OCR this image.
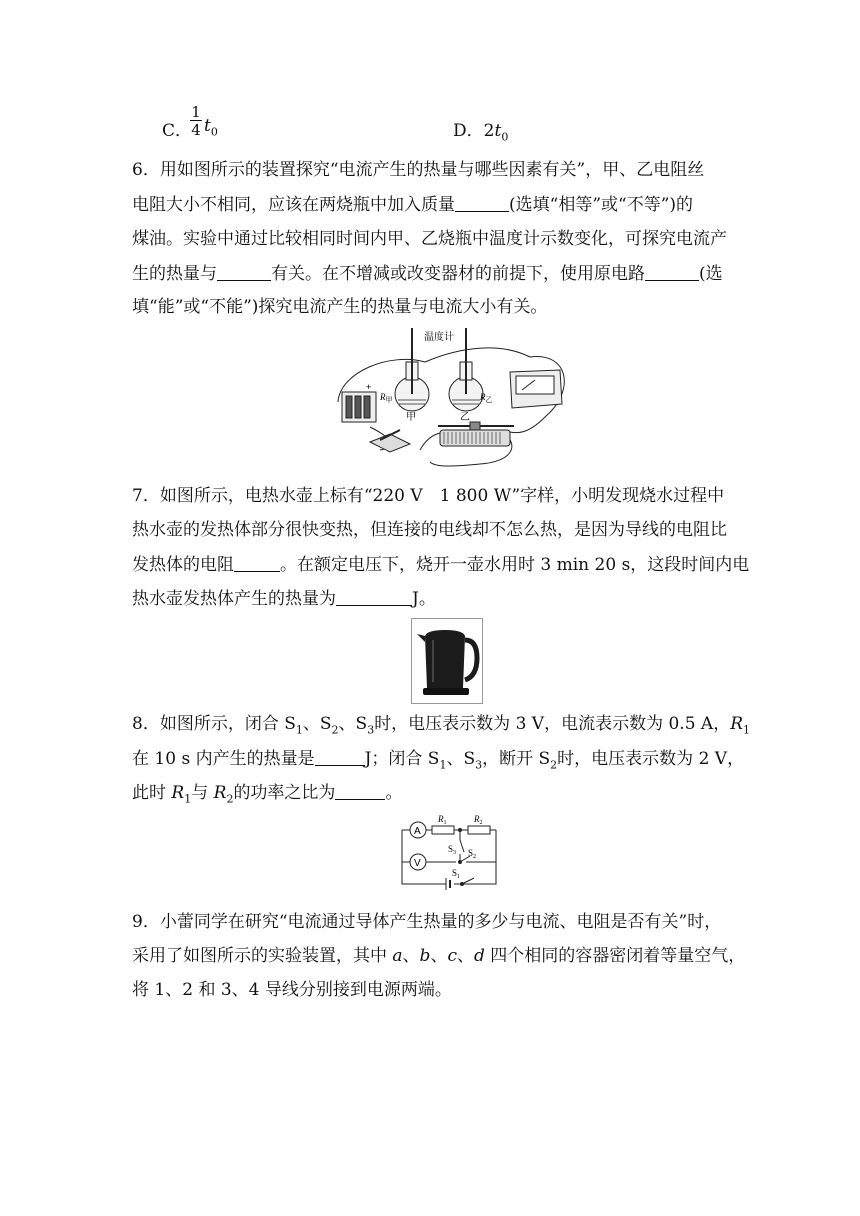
C．
1
4 $t_0$	D．$2t_0$
6．用如图所示的装置探究“电流产生的热量与哪些因素有关”，甲、乙电阻丝
电阻大小不相同，应该在两烧瓶中加入质量	(选填“相等”或“不等”)的
煤油。实验中通过比较相同时间内甲、乙烧瓶中温度计示数变化，可探究电流产
生的热量与	有关。在不增减或改变器材的前提下，使用原电路	(选
填“能”或“不能”)探究电流产生的热量与电流大小有关。
温度计
$R_甲$	$R_乙$
甲	乙
+
7．如图所示，电热水壶上标有“220 V　1 800 W”字样，小明发现烧水过程中
热水壶的发热体部分很快变热，但连接的电线却不怎么热，是因为导线的电阻比
发热体的电阻	。在额定电压下，烧开一壶水用时 3 min 20 s，这段时间内电
热水壶发热体产生的热量为	J。
8．如图所示，闭合 $S_1$、$S_2$、$S_3$时，电压表示数为 3 V，电流表示数为 0.5 A，$R_1$
在 10 s 内产生的热量是	J；闭合 $S_1$、$S_3$，断开 $S_2$时，电压表示数为 2 V，
此时 $R_1$与 $R_2$的功率之比为	。
A
V
$R_1$	$R_2$
$S_3$ $S_2$
$S_1$
9．小蕾同学在研究“电流通过导体产生热量的多少与电流、电阻是否有关”时，
采用了如图所示的实验装置，其中 a、b、c、d 四个相同的容器密闭着等量空气，
将 1、2 和 3、4 导线分别接到电源两端。
